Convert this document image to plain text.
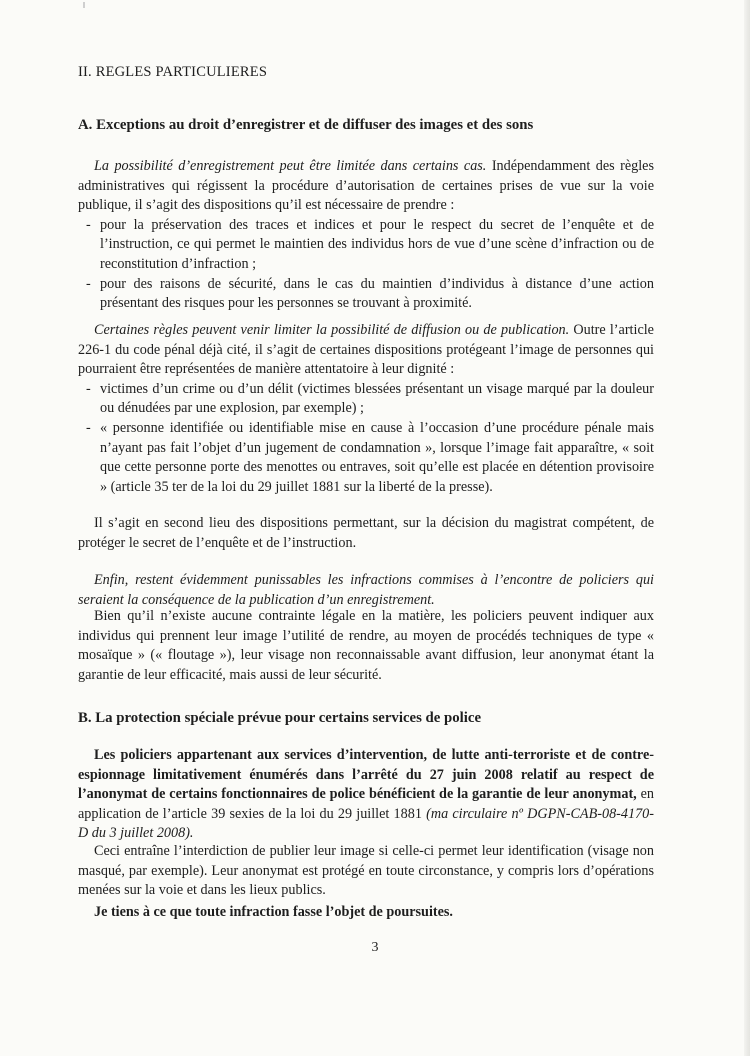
II. REGLES PARTICULIERES
A. Exceptions au droit d’enregistrer et de diffuser des images et des sons
La possibilité d’enregistrement peut être limitée dans certains cas. Indépendamment des règles administratives qui régissent la procédure d’autorisation de certaines prises de vue sur la voie publique, il s’agit des dispositions qu’il est nécessaire de prendre :
- pour la préservation des traces et indices et pour le respect du secret de l’enquête et de l’instruction, ce qui permet le maintien des individus hors de vue d’une scène d’infraction ou de reconstitution d’infraction ;
- pour des raisons de sécurité, dans le cas du maintien d’individus à distance d’une action présentant des risques pour les personnes se trouvant à proximité.
Certaines règles peuvent venir limiter la possibilité de diffusion ou de publication. Outre l’article 226-1 du code pénal déjà cité, il s’agit de certaines dispositions protégeant l’image de personnes qui pourraient être représentées de manière attentatoire à leur dignité :
- victimes d’un crime ou d’un délit (victimes blessées présentant un visage marqué par la douleur ou dénudées par une explosion, par exemple) ;
- « personne identifiée ou identifiable mise en cause à l’occasion d’une procédure pénale mais n’ayant pas fait l’objet d’un jugement de condamnation », lorsque l’image fait apparaître, « soit que cette personne porte des menottes ou entraves, soit qu’elle est placée en détention provisoire » (article 35 ter de la loi du 29 juillet 1881 sur la liberté de la presse).
Il s’agit en second lieu des dispositions permettant, sur la décision du magistrat compétent, de protéger le secret de l’enquête et de l’instruction.
Enfin, restent évidemment punissables les infractions commises à l’encontre de policiers qui seraient la conséquence de la publication d’un enregistrement.
Bien qu’il n’existe aucune contrainte légale en la matière, les policiers peuvent indiquer aux individus qui prennent leur image l’utilité de rendre, au moyen de procédés techniques de type « mosaïque » (« floutage »), leur visage non reconnaissable avant diffusion, leur anonymat étant la garantie de leur efficacité, mais aussi de leur sécurité.
B. La protection spéciale prévue pour certains services de police
Les policiers appartenant aux services d’intervention, de lutte anti-terroriste et de contre-espionnage limitativement énumérés dans l’arrêté du 27 juin 2008 relatif au respect de l’anonymat de certains fonctionnaires de police bénéficient de la garantie de leur anonymat, en application de l’article 39 sexies de la loi du 29 juillet 1881 (ma circulaire nº DGPN-CAB-08-4170-D du 3 juillet 2008).
Ceci entraîne l’interdiction de publier leur image si celle-ci permet leur identification (visage non masqué, par exemple). Leur anonymat est protégé en toute circonstance, y compris lors d’opérations menées sur la voie et dans les lieux publics.
Je tiens à ce que toute infraction fasse l’objet de poursuites.
3
